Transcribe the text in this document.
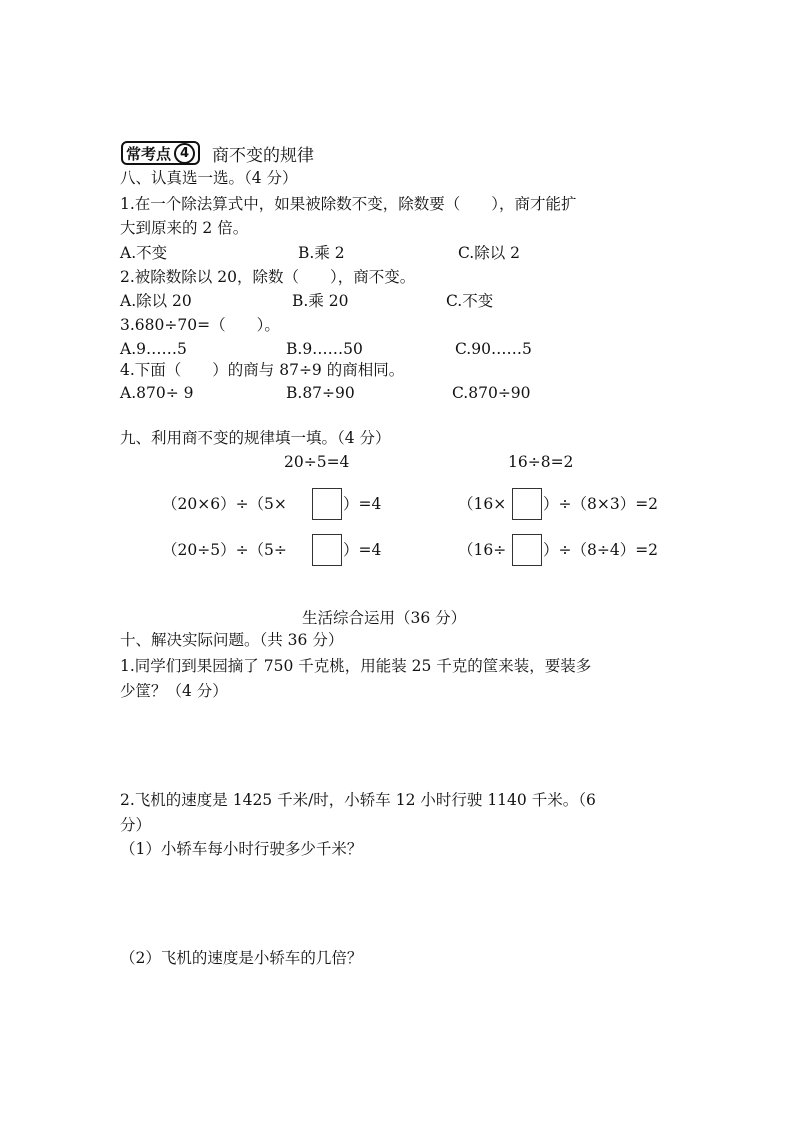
常考点 4	商不变的规律
八、认真选一选。（4 分）
1.在一个除法算式中，如果被除数不变，除数要（　　），商才能扩
大到原来的 2 倍。
A.不变	B.乘 2	C.除以 2
2.被除数除以 20，除数（　　），商不变。
A.除以 20	B.乘 20	C.不变
3.680÷70=（　　）。
A.9……5	B.9……50	C.90……5
4.下面（　　）的商与 87÷9 的商相同。
A.870÷ 9	B.87÷90	C.870÷90
九、利用商不变的规律填一填。（4 分）
20÷5=4	16÷8=2
（20×6）÷（5×	）=4	（16× ）÷（8×3）=2
（20÷5）÷（5÷	）=4	（16÷ ）÷（8÷4）=2
生活综合运用（36 分）
十、解决实际问题。（共 36 分）
1.同学们到果园摘了 750 千克桃，用能装 25 千克的筐来装，要装多
少筐？（4 分）
2.飞机的速度是 1425 千米/时，小轿车 12 小时行驶 1140 千米。（6
分）
（1）小轿车每小时行驶多少千米？
（2）飞机的速度是小轿车的几倍？
